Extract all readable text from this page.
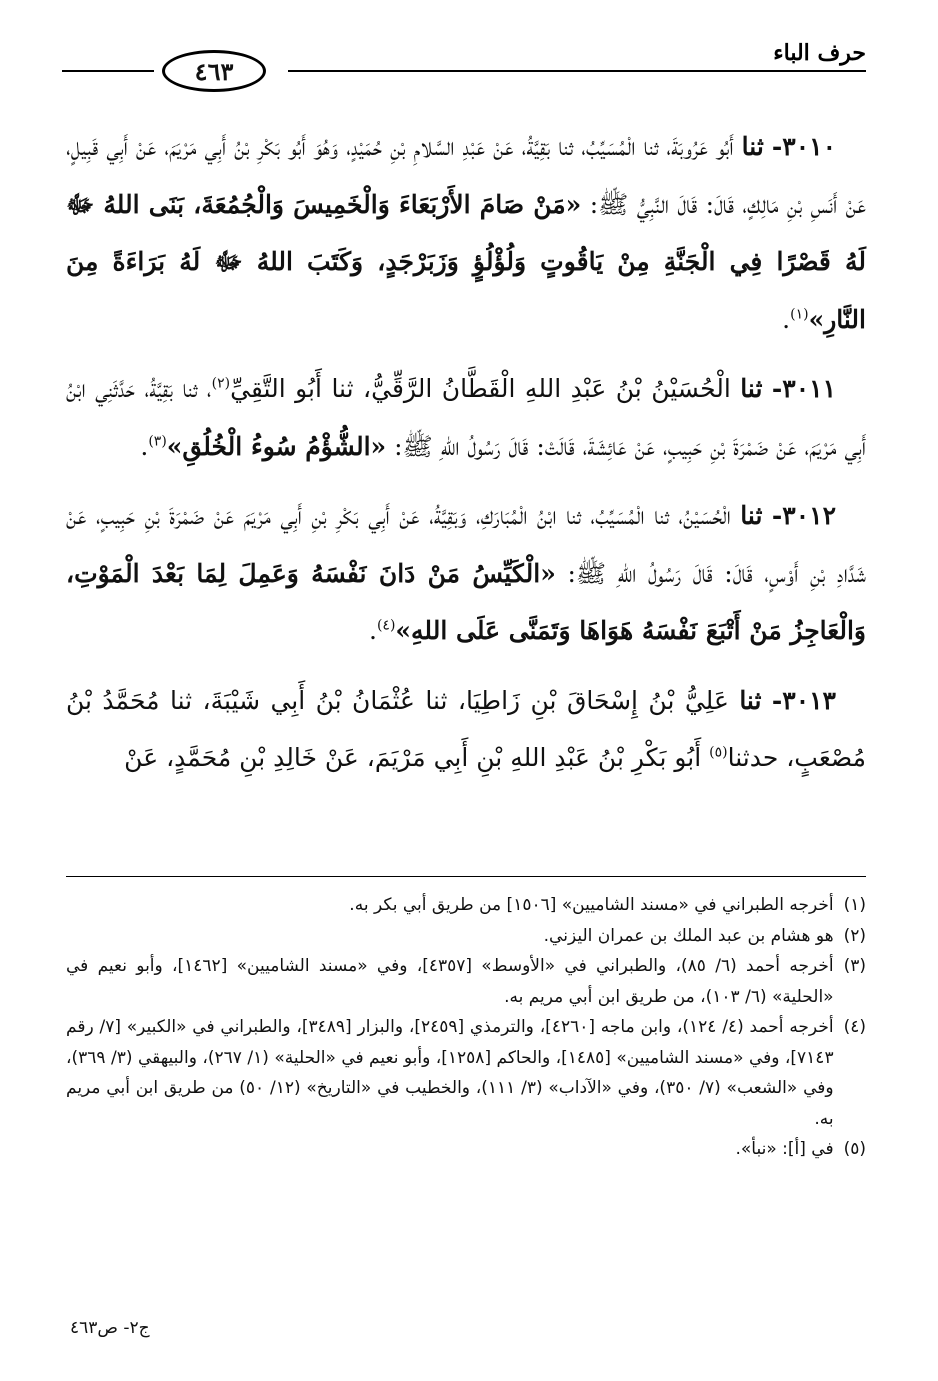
حرف الباء
٤٦٣

٣٠١٠- ثنا أَبُو عَرُوبَةَ، ثنا الْمُسَيِّبُ، ثنا بَقِيَّةُ، عَنْ عَبْدِ السَّلامِ بْنِ حُمَيْدٍ، وَهُوَ أَبُو بَكْرِ بْنُ أَبِي مَرْيَمَ، عَنْ أَبِي قَبِيلٍ، عَنْ أَنَسِ بْنِ مَالِكٍ، قَالَ: قَالَ النَّبِيُّ ﷺ: «مَنْ صَامَ الأَرْبَعَاءَ وَالْخَمِيسَ وَالْجُمُعَةَ، بَنَى اللهُ ﷻ لَهُ قَصْرًا فِي الْجَنَّةِ مِنْ يَاقُوتٍ وَلُؤْلُؤٍ وَزَبَرْجَدٍ، وَكَتَبَ اللهُ ﷻ لَهُ بَرَاءَةً مِنَ النَّارِ»$^{(١)}$.

٣٠١١- ثنا الْحُسَيْنُ بْنُ عَبْدِ اللهِ الْقَطَّانُ الرَّقِّيُّ، ثنا أَبُو التَّقِيِّ$^{(٢)}$، ثنا بَقِيَّةُ، حَدَّثَنِي ابْنُ أَبِي مَرْيَمَ، عَنْ ضَمْرَةَ بْنِ حَبِيبٍ، عَنْ عَائِشَةَ، قَالَتْ: قَالَ رَسُولُ اللهِ ﷺ: «الشُّؤْمُ سُوءُ الْخُلُقِ»$^{(٣)}$.

٣٠١٢- ثنا الْحُسَيْنُ، ثنا الْمُسَيِّبُ، ثنا ابْنُ الْمُبَارَكِ، وَبَقِيَّةُ، عَنْ أَبِي بَكْرِ بْنِ أَبِي مَرْيَمَ عَنْ ضَمْرَةَ بْنِ حَبِيبٍ، عَنْ شَدَّادِ بْنِ أَوْسٍ، قَالَ: قَالَ رَسُولُ اللهِ ﷺ: «الْكَيِّسُ مَنْ دَانَ نَفْسَهُ وَعَمِلَ لِمَا بَعْدَ الْمَوْتِ، وَالْعَاجِزُ مَنْ أَتْبَعَ نَفْسَهُ هَوَاهَا وَتَمَنَّى عَلَى اللهِ»$^{(٤)}$.

٣٠١٣- ثنا عَلِيُّ بْنُ إِسْحَاقَ بْنِ زَاطِيَا، ثنا عُثْمَانُ بْنُ أَبِي شَيْبَةَ، ثنا مُحَمَّدُ بْنُ مُصْعَبٍ، حدثنا$^{(٥)}$ أَبُو بَكْرِ بْنُ عَبْدِ اللهِ بْنِ أَبِي مَرْيَمَ، عَنْ خَالِدِ بْنِ مُحَمَّدٍ، عَنْ

(١)
أخرجه الطبراني في «مسند الشاميين» [١٥٠٦] من طريق أبي بكر به.

(٢)
هو هشام بن عبد الملك بن عمران اليزني.

(٣)
أخرجه أحمد (٦/ ٨٥)، والطبراني في «الأوسط» [٤٣٥٧]، وفي «مسند الشاميين» [١٤٦٢]، وأبو نعيم في «الحلية» (٦/ ١٠٣)، من طريق ابن أبي مريم به.

(٤)
أخرجه أحمد (٤/ ١٢٤)، وابن ماجه [٤٢٦٠]، والترمذي [٢٤٥٩]، والبزار [٣٤٨٩]، والطبراني في «الكبير» [٧/ رقم ٧١٤٣]، وفي «مسند الشاميين» [١٤٨٥]، والحاكم [١٢٥٨]، وأبو نعيم في «الحلية» (١/ ٢٦٧)، والبيهقي (٣/ ٣٦٩)، وفي «الشعب» (٧/ ٣٥٠)، وفي «الآداب» (٣/ ١١١)، والخطيب في «التاريخ» (١٢/ ٥٠) من طريق ابن أبي مريم به.

(٥)
في [أ]: «نبأ».

ج٢- ص٤٦٣
